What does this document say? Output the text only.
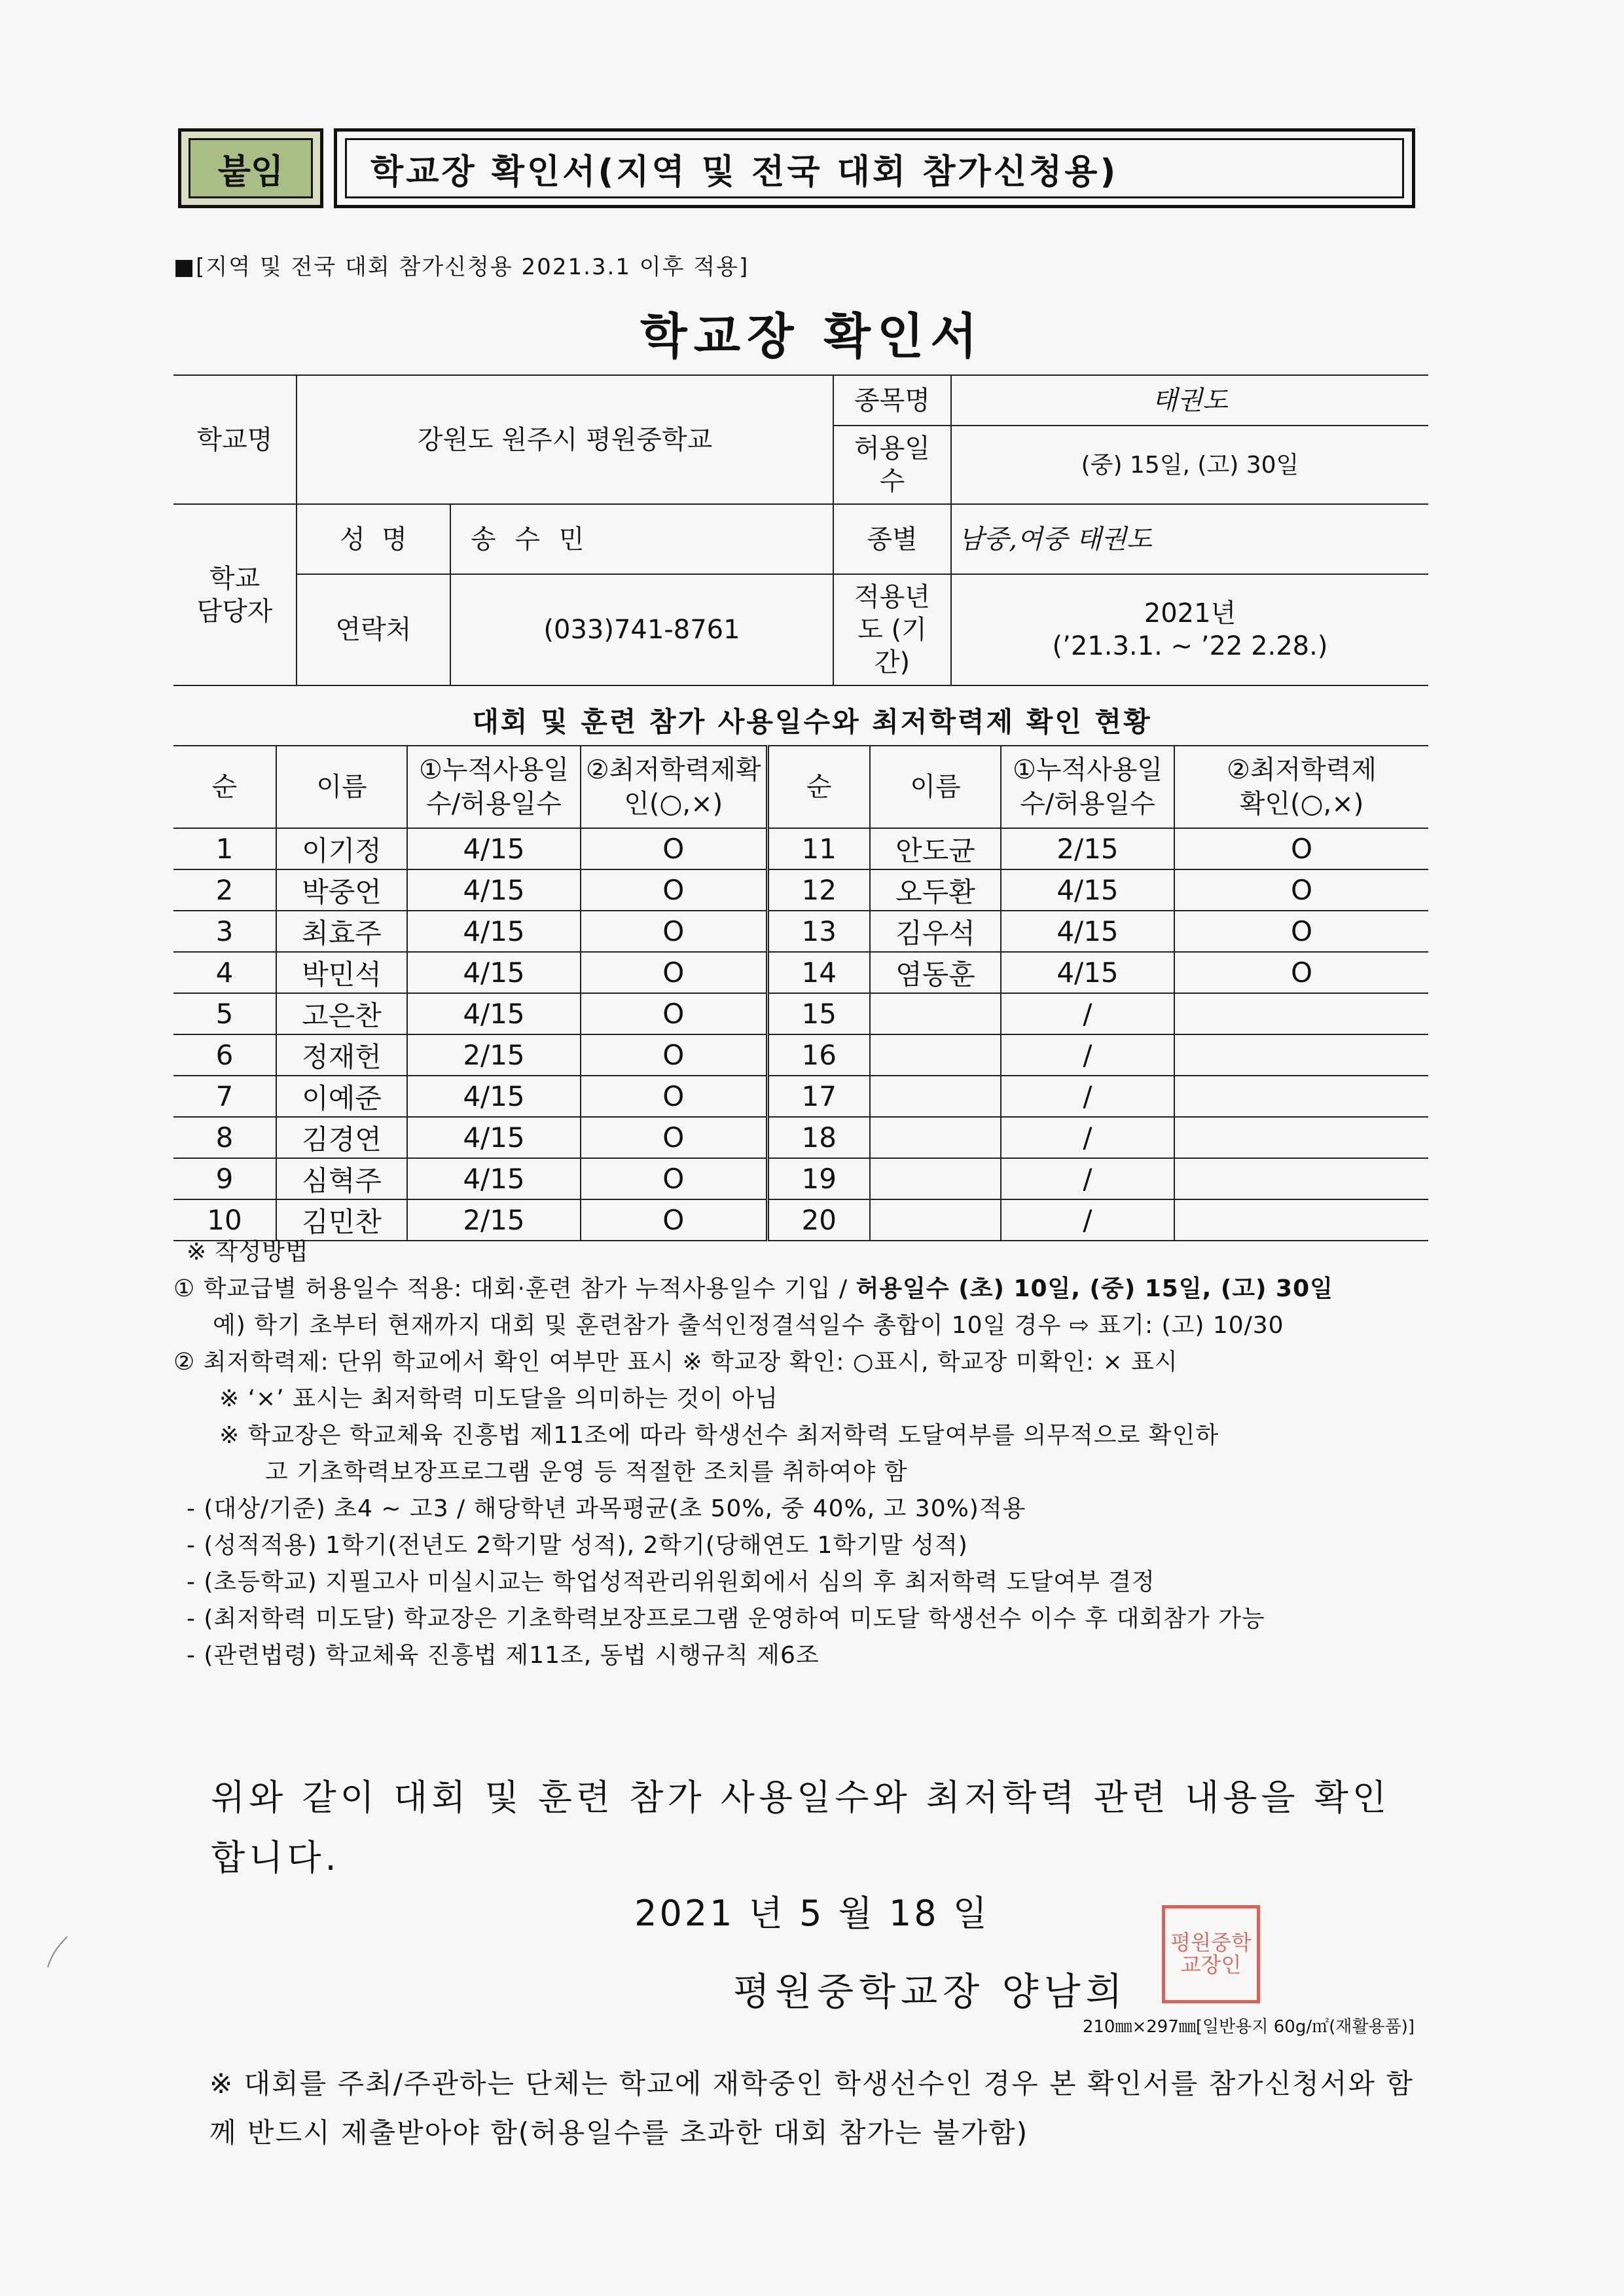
붙임	학교장 확인서(지역 및 전국 대회 참가신청용)
■[지역 및 전국 대회 참가신청용 2021.3.1 이후 적용]
학교장 확인서
학교명	강원도 원주시 평원중학교		종목명	태권도
			허용일수	(중) 15일, (고) 30일
학교
담당자	성  명	송 수 민	종별	남중,여중 태권도
	연락처	(033)741-8761	적용년도 (기간)	2021년
(’21.3.1. ~ ’22 2.28.)
대회 및 훈련 참가 사용일수와 최저학력제 확인 현황
순	이름	①누적사용일수/허용일수	②최저학력제확인(○,×)	순	이름	①누적사용일수/허용일수	②최저학력제확인(○,×)
1	이기정	4/15	O	11	안도균	2/15	O
2	박중언	4/15	O	12	오두환	4/15	O
3	최효주	4/15	O	13	김우석	4/15	O
4	박민석	4/15	O	14	염동훈	4/15	O
5	고은찬	4/15	O	15		/	
6	정재헌	2/15	O	16		/	
7	이예준	4/15	O	17		/	
8	김경연	4/15	O	18		/	
9	심혁주	4/15	O	19		/	
10	김민찬	2/15	O	20		/	
※ 작성방법
① 학교급별 허용일수 적용: 대회·훈련 참가 누적사용일수 기입 / 허용일수 (초) 10일, (중) 15일, (고) 30일
예) 학기 초부터 현재까지 대회 및 훈련참가 출석인정결석일수 총합이 10일 경우 ⇨ 표기: (고) 10/30
② 최저학력제: 단위 학교에서 확인 여부만 표시 ※ 학교장 확인: ○표시, 학교장 미확인: × 표시
※ ‘×’ 표시는 최저학력 미도달을 의미하는 것이 아님
※ 학교장은 학교체육 진흥법 제11조에 따라 학생선수 최저학력 도달여부를 의무적으로 확인하
고 기초학력보장프로그램 운영 등 적절한 조치를 취하여야 함
- (대상/기준) 초4 ~ 고3 / 해당학년 과목평균(초 50%, 중 40%, 고 30%)적용
- (성적적용) 1학기(전년도 2학기말 성적), 2학기(당해연도 1학기말 성적)
- (초등학교) 지필고사 미실시교는 학업성적관리위원회에서 심의 후 최저학력 도달여부 결정
- (최저학력 미도달) 학교장은 기초학력보장프로그램 운영하여 미도달 학생선수 이수 후 대회참가 가능
- (관련법령) 학교체육 진흥법 제11조, 동법 시행규칙 제6조
위와 같이 대회 및 훈련 참가 사용일수와 최저학력 관련 내용을 확인합니다.
2021 년 5 월 18 일
평원중학교장 양남희
평원중학교장인
210㎜×297㎜[일반용지 60g/㎡(재활용품)]
※ 대회를 주최/주관하는 단체는 학교에 재학중인 학생선수인 경우 본 확인서를 참가신청서와 함께 반드시 제출받아야 함(허용일수를 초과한 대회 참가는 불가함)
